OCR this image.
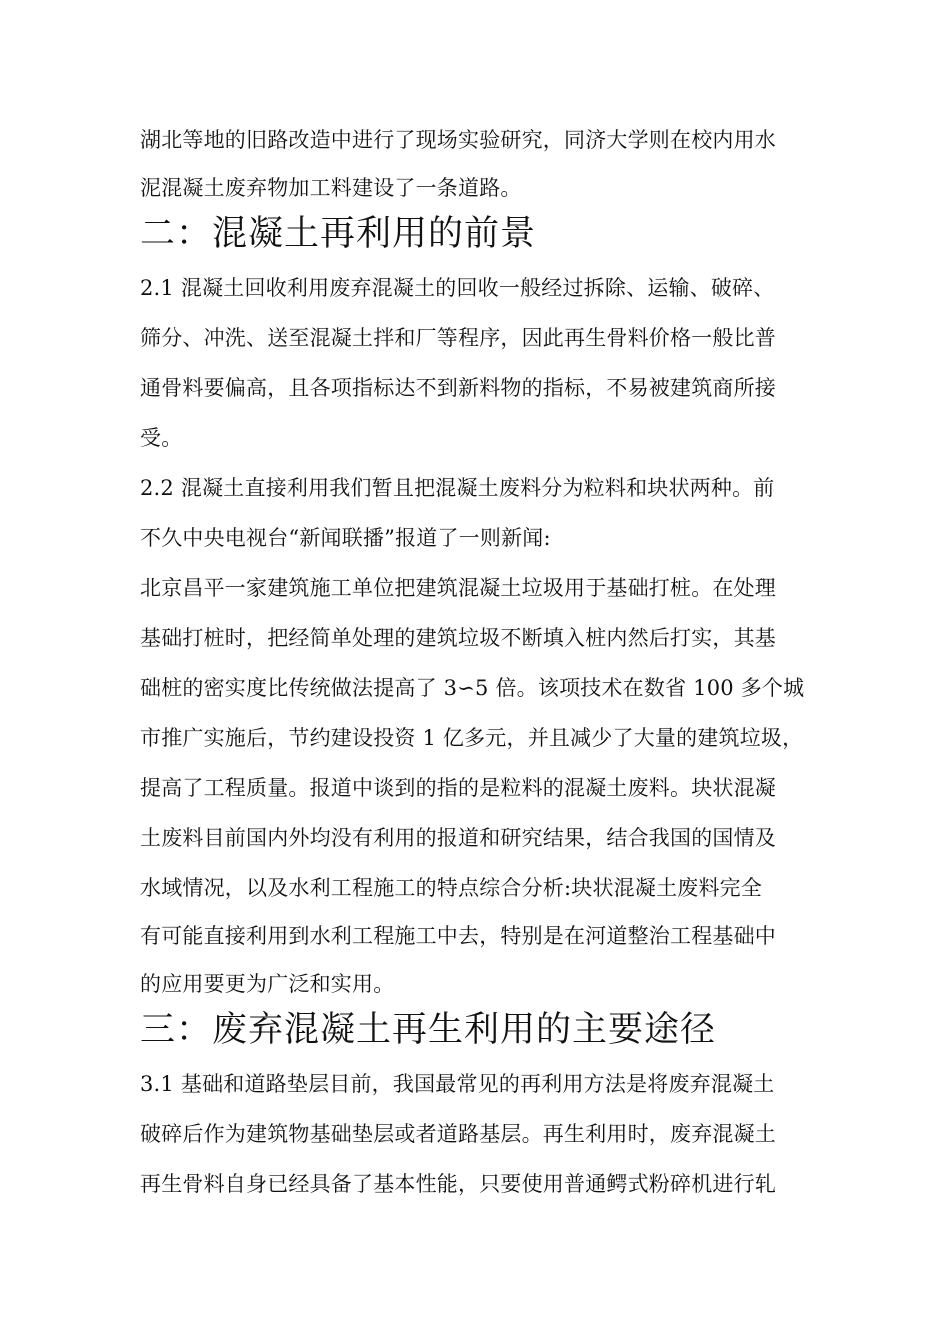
湖北等地的旧路改造中进行了现场实验研究，同济大学则在校内用水
泥混凝土废弃物加工料建设了一条道路。
二：混凝土再利用的前景
2.1 混凝土回收利用废弃混凝土的回收一般经过拆除、运输、破碎、
筛分、冲洗、送至混凝土拌和厂等程序，因此再生骨料价格一般比普
通骨料要偏高，且各项指标达不到新料物的指标，不易被建筑商所接
受。
2.2 混凝土直接利用我们暂且把混凝土废料分为粒料和块状两种。前
不久中央电视台“新闻联播”报道了一则新闻:
北京昌平一家建筑施工单位把建筑混凝土垃圾用于基础打桩。在处理
基础打桩时，把经简单处理的建筑垃圾不断填入桩内然后打实，其基
础桩的密实度比传统做法提高了 3∽5 倍。该项技术在数省 100 多个城
市推广实施后，节约建设投资 1 亿多元，并且减少了大量的建筑垃圾，
提高了工程质量。报道中谈到的指的是粒料的混凝土废料。块状混凝
土废料目前国内外均没有利用的报道和研究结果，结合我国的国情及
水域情况，以及水利工程施工的特点综合分析:块状混凝土废料完全
有可能直接利用到水利工程施工中去，特别是在河道整治工程基础中
的应用要更为广泛和实用。
三：废弃混凝土再生利用的主要途径
3.1 基础和道路垫层目前，我国最常见的再利用方法是将废弃混凝土
破碎后作为建筑物基础垫层或者道路基层。再生利用时，废弃混凝土
再生骨料自身已经具备了基本性能，只要使用普通鳄式粉碎机进行轧
